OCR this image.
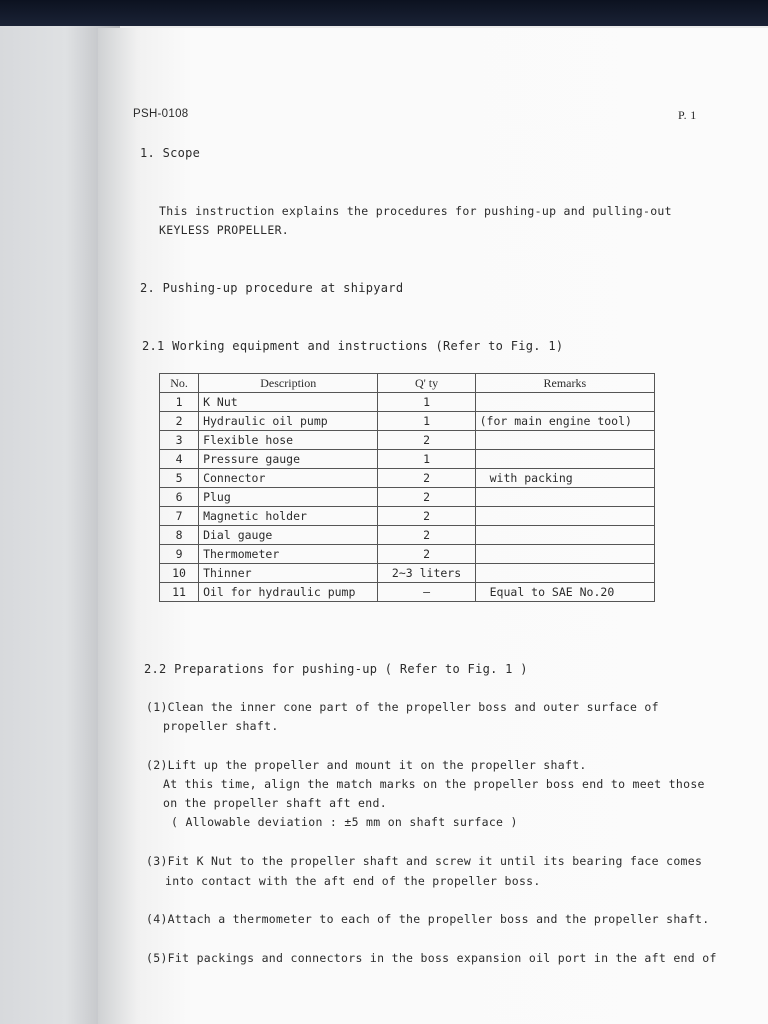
PSH-0108	P. 1
1. Scope
This instruction explains the procedures for pushing-up and pulling-out
KEYLESS PROPELLER.
2. Pushing-up procedure at shipyard
2.1 Working equipment and instructions (Refer to Fig. 1)
No.	Description	Q' ty	Remarks
1	K Nut	1	
2	Hydraulic oil pump	1	(for main engine tool)
3	Flexible hose	2	
4	Pressure gauge	1	
5	Connector	2	with packing
6	Plug	2	
7	Magnetic holder	2	
8	Dial gauge	2	
9	Thermometer	2	
10	Thinner	2~3 liters	
11	Oil for hydraulic pump	—	Equal to SAE No.20
2.2 Preparations for pushing-up ( Refer to Fig. 1 )
(1)Clean the inner cone part of the propeller boss and outer surface of
propeller shaft.
(2)Lift up the propeller and mount it on the propeller shaft.
At this time, align the match marks on the propeller boss end to meet those
on the propeller shaft aft end.
( Allowable deviation : ±5 mm on shaft surface )
(3)Fit K Nut to the propeller shaft and screw it until its bearing face comes
into contact with the aft end of the propeller boss.
(4)Attach a thermometer to each of the propeller boss and the propeller shaft.
(5)Fit packings and connectors in the boss expansion oil port in the aft end of
